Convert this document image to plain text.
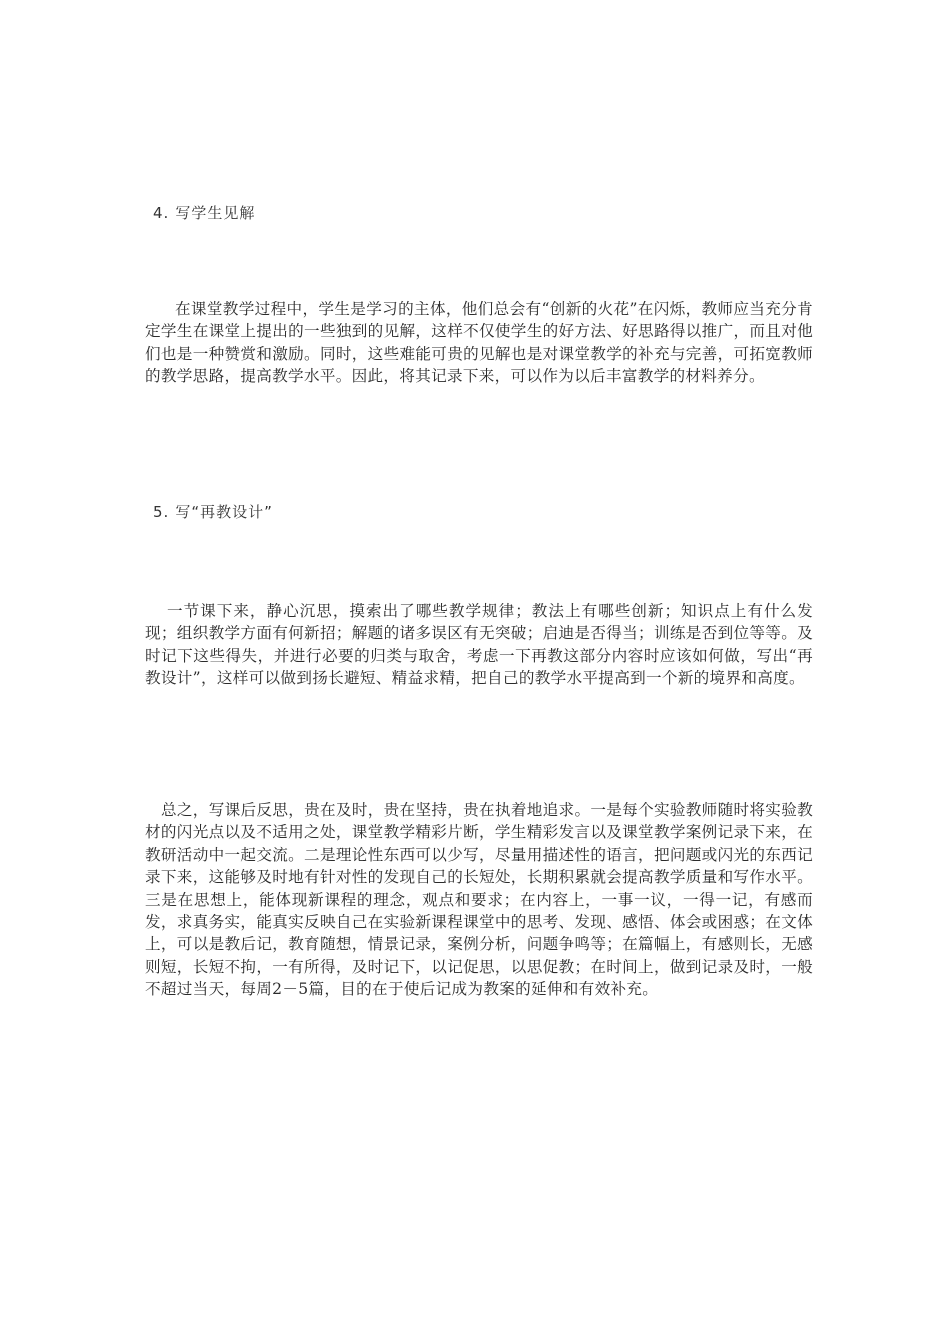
4. 写学生见解
在课堂教学过程中，学生是学习的主体，他们总会有“创新的火花”在闪烁，教师应当充分肯定学生在课堂上提出的一些独到的见解，这样不仅使学生的好方法、好思路得以推广，而且对他们也是一种赞赏和激励。同时，这些难能可贵的见解也是对课堂教学的补充与完善，可拓宽教师的教学思路，提高教学水平。因此，将其记录下来，可以作为以后丰富教学的材料养分。
5. 写“再教设计”
一节课下来，静心沉思，摸索出了哪些教学规律；教法上有哪些创新；知识点上有什么发现；组织教学方面有何新招；解题的诸多误区有无突破；启迪是否得当；训练是否到位等等。及时记下这些得失，并进行必要的归类与取舍，考虑一下再教这部分内容时应该如何做，写出“再教设计”，这样可以做到扬长避短、精益求精，把自己的教学水平提高到一个新的境界和高度。
总之，写课后反思，贵在及时，贵在坚持，贵在执着地追求。一是每个实验教师随时将实验教材的闪光点以及不适用之处，课堂教学精彩片断，学生精彩发言以及课堂教学案例记录下来，在教研活动中一起交流。二是理论性东西可以少写，尽量用描述性的语言，把问题或闪光的东西记录下来，这能够及时地有针对性的发现自己的长短处，长期积累就会提高教学质量和写作水平。三是在思想上，能体现新课程的理念，观点和要求；在内容上，一事一议，一得一记，有感而发，求真务实，能真实反映自己在实验新课程课堂中的思考、发现、感悟、体会或困惑；在文体上，可以是教后记，教育随想，情景记录，案例分析，问题争鸣等；在篇幅上，有感则长，无感则短，长短不拘，一有所得，及时记下，以记促思，以思促教；在时间上，做到记录及时，一般不超过当天，每周2－5篇，目的在于使后记成为教案的延伸和有效补充。
